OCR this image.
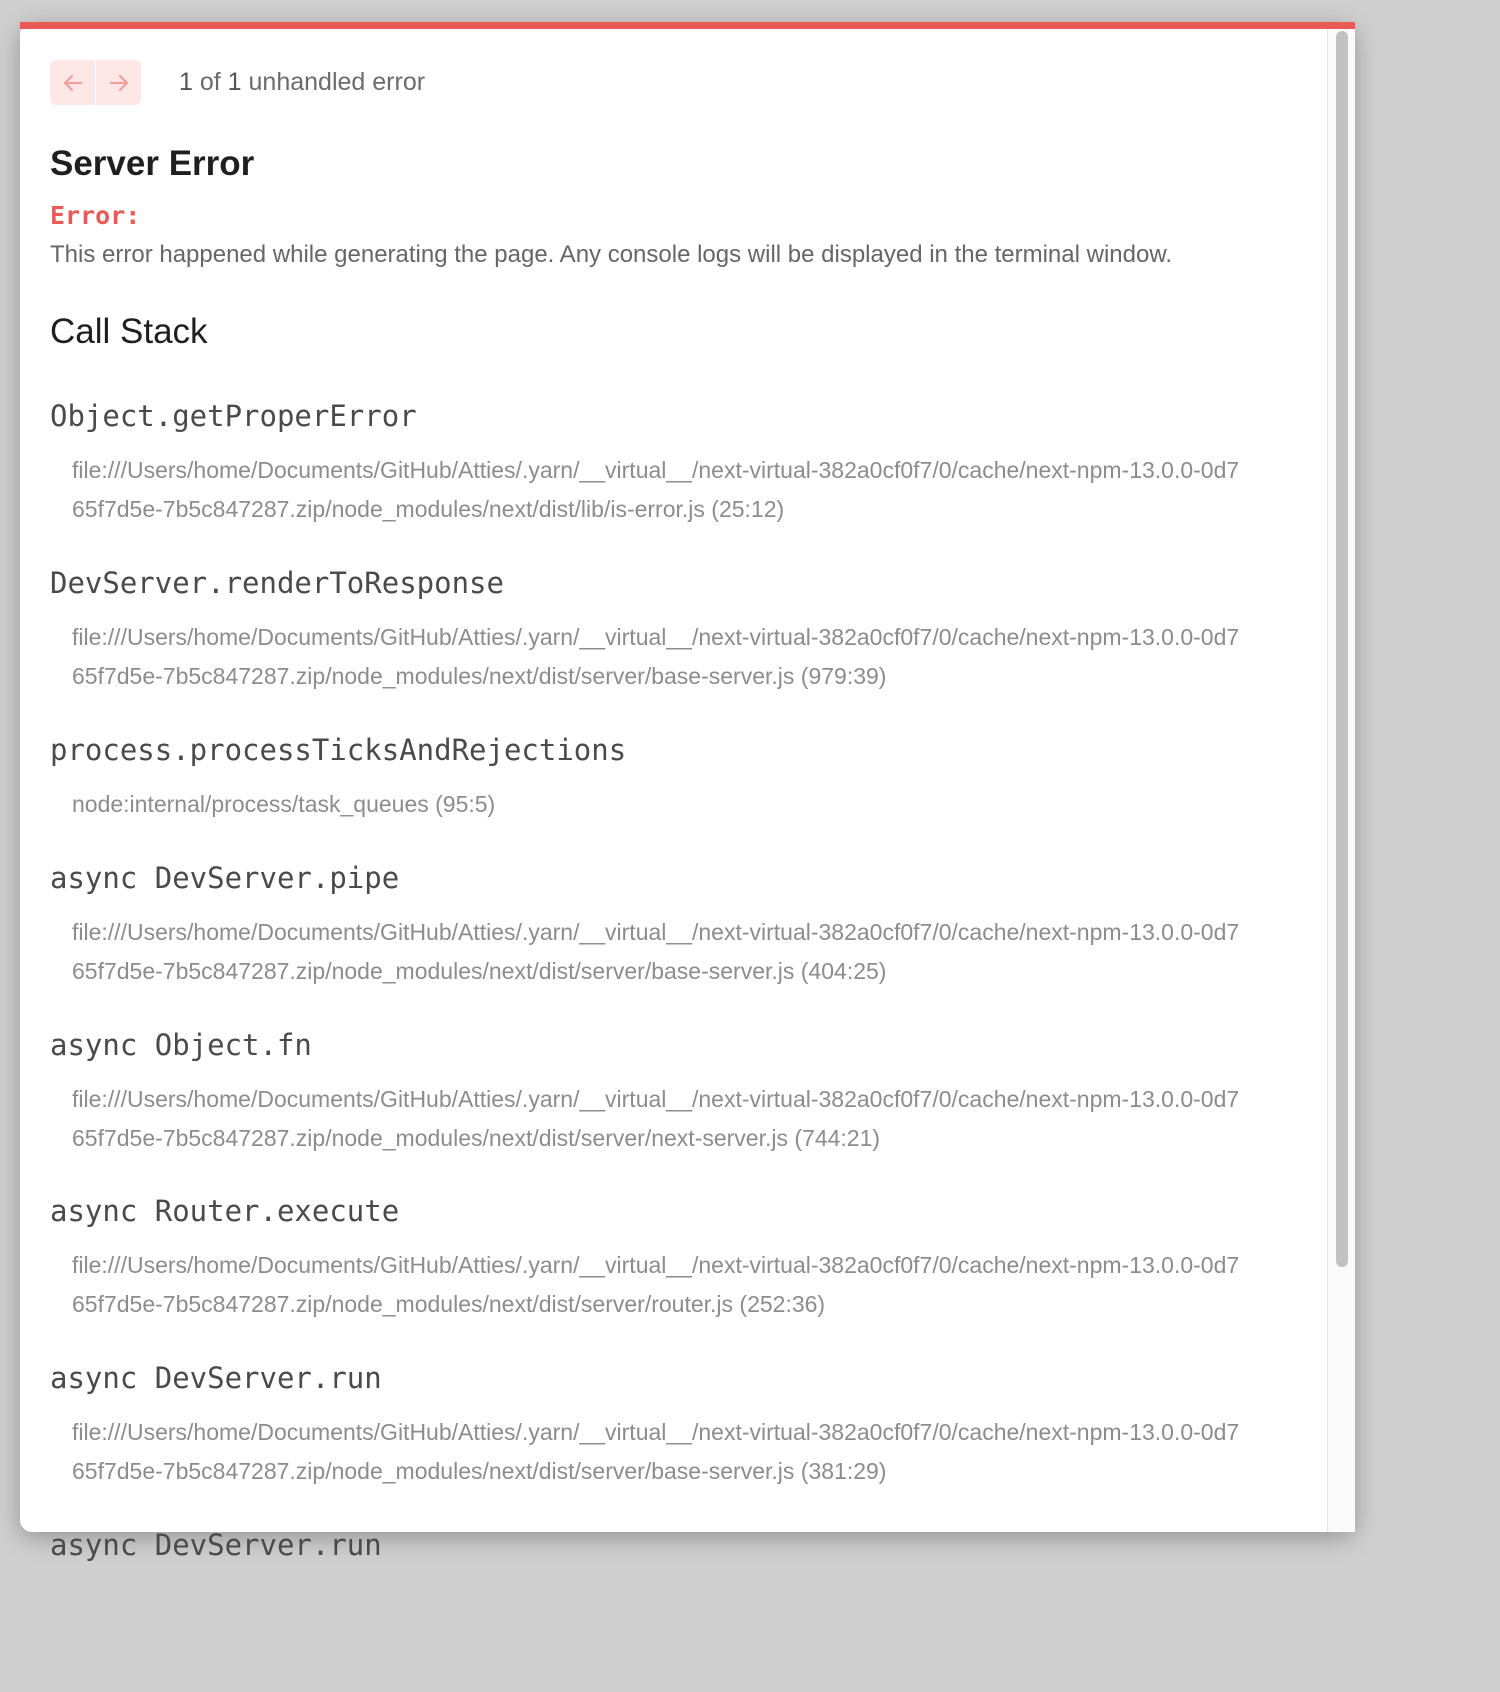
1 of 1 unhandled error
Server Error
Error:
This error happened while generating the page. Any console logs will be displayed in the terminal window.
Call Stack
Object.getProperError
file:///Users/home/Documents/GitHub/Atties/.yarn/__virtual__/next-virtual-382a0cf0f7/0/cache/next-npm-13.0.0-0d765f7d5e-7b5c847287.zip/node_modules/next/dist/lib/is-error.js (25:12)
DevServer.renderToResponse
file:///Users/home/Documents/GitHub/Atties/.yarn/__virtual__/next-virtual-382a0cf0f7/0/cache/next-npm-13.0.0-0d765f7d5e-7b5c847287.zip/node_modules/next/dist/server/base-server.js (979:39)
process.processTicksAndRejections
node:internal/process/task_queues (95:5)
async DevServer.pipe
file:///Users/home/Documents/GitHub/Atties/.yarn/__virtual__/next-virtual-382a0cf0f7/0/cache/next-npm-13.0.0-0d765f7d5e-7b5c847287.zip/node_modules/next/dist/server/base-server.js (404:25)
async Object.fn
file:///Users/home/Documents/GitHub/Atties/.yarn/__virtual__/next-virtual-382a0cf0f7/0/cache/next-npm-13.0.0-0d765f7d5e-7b5c847287.zip/node_modules/next/dist/server/next-server.js (744:21)
async Router.execute
file:///Users/home/Documents/GitHub/Atties/.yarn/__virtual__/next-virtual-382a0cf0f7/0/cache/next-npm-13.0.0-0d765f7d5e-7b5c847287.zip/node_modules/next/dist/server/router.js (252:36)
async DevServer.run
file:///Users/home/Documents/GitHub/Atties/.yarn/__virtual__/next-virtual-382a0cf0f7/0/cache/next-npm-13.0.0-0d765f7d5e-7b5c847287.zip/node_modules/next/dist/server/base-server.js (381:29)
async DevServer.run
